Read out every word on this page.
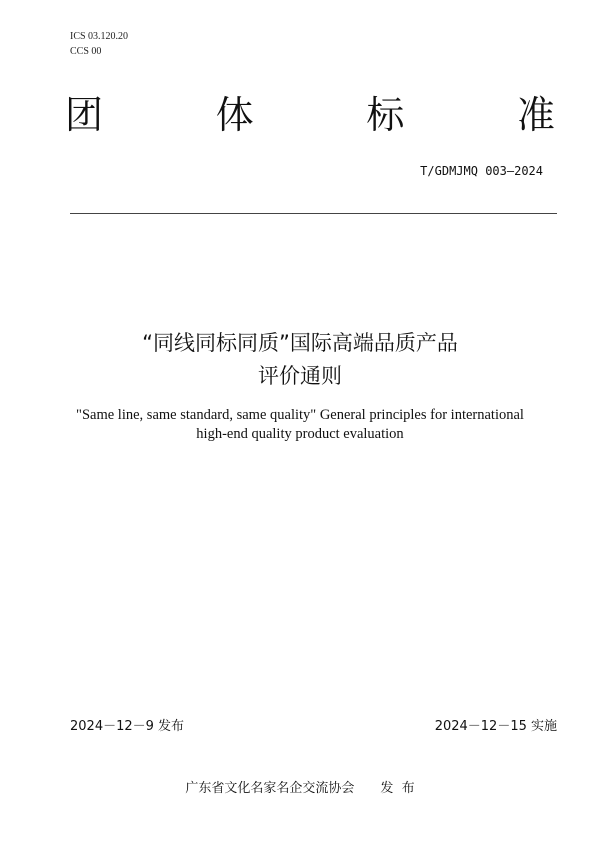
ICS 03.120.20
CCS 00
团	体	标	准
T/GDMJMQ 003—2024
“同线同标同质”国际高端品质产品
评价通则
"Same line, same standard, same quality" General principles for international
high-end quality product evaluation
2024－12－9 发布	2024－12－15 实施
广东省文化名家名企交流协会 发  布
